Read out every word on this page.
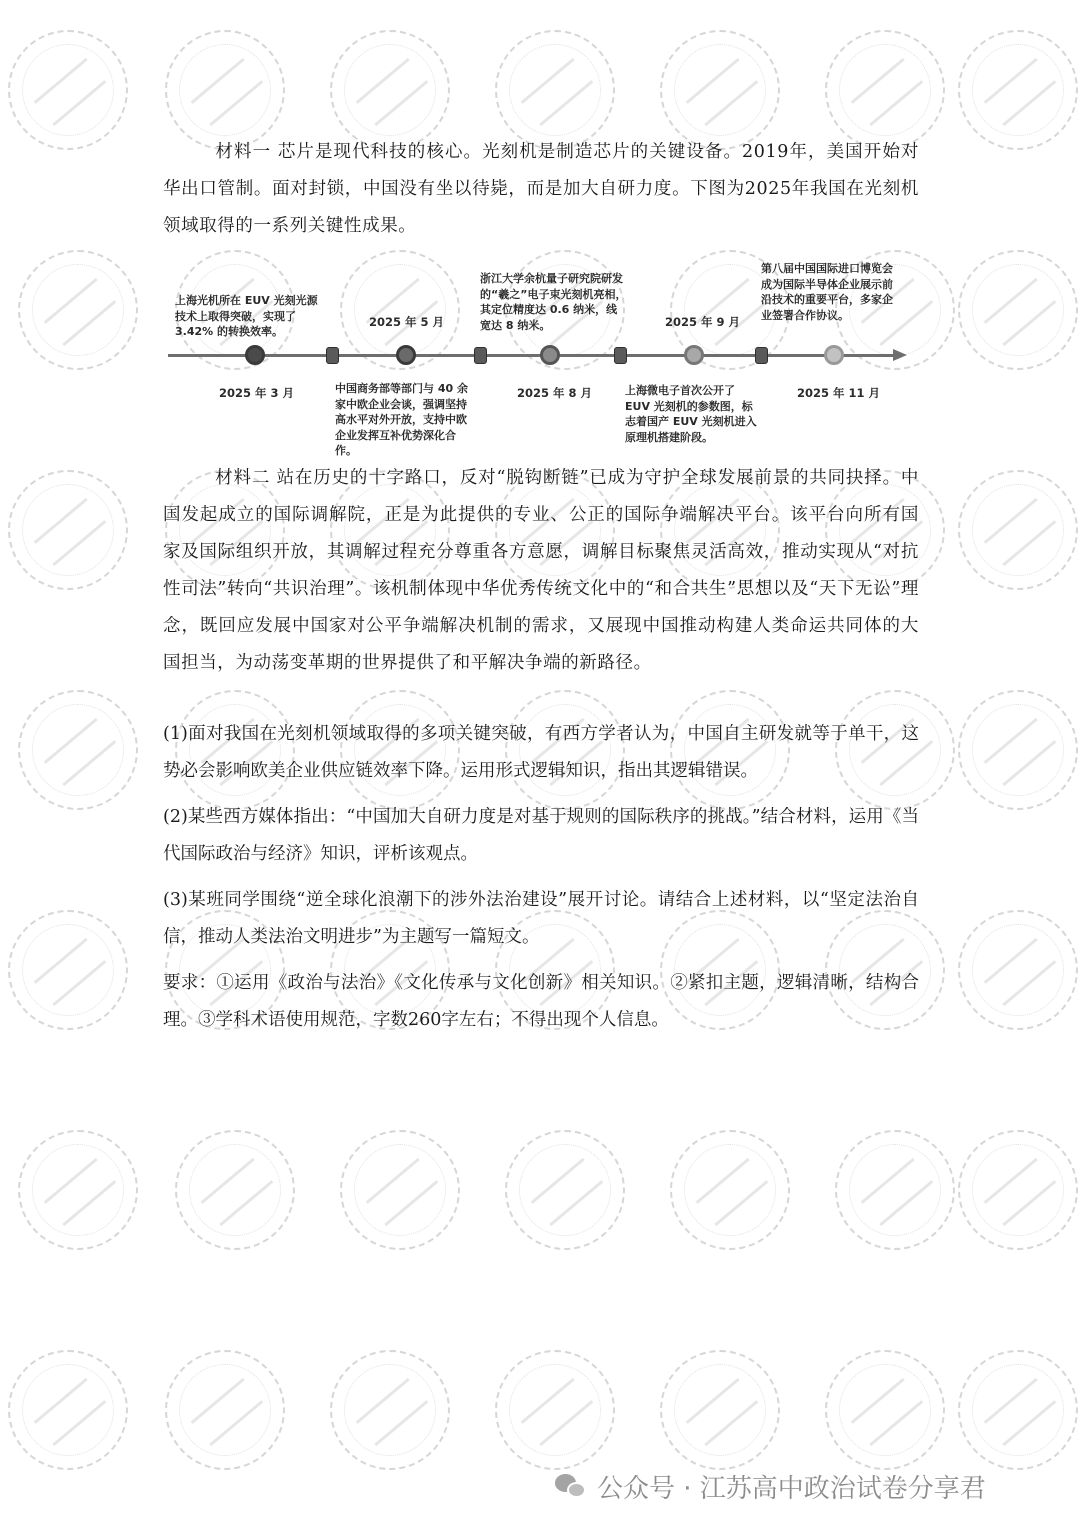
材料一 芯片是现代科技的核心。光刻机是制造芯片的关键设备。2019年，美国开始对华出口管制。面对封锁，中国没有坐以待毙，而是加大自研力度。下图为2025年我国在光刻机领域取得的一系列关键性成果。
上海光机所在 EUV 光刻光源技术上取得突破，实现了 3.42% 的转换效率。
2025 年 3 月
2025 年 5 月
中国商务部等部门与 40 余家中欧企业会谈，强调坚持高水平对外开放，支持中欧企业发挥互补优势深化合作。
浙江大学余杭量子研究院研发的“羲之”电子束光刻机亮相，其定位精度达 0.6 纳米，线宽达 8 纳米。
2025 年 8 月
2025 年 9 月
上海微电子首次公开了 EUV 光刻机的参数图，标志着国产 EUV 光刻机进入原理机搭建阶段。
第八届中国国际进口博览会成为国际半导体企业展示前沿技术的重要平台，多家企业签署合作协议。
2025 年 11 月
材料二 站在历史的十字路口，反对“脱钩断链”已成为守护全球发展前景的共同抉择。中国发起成立的国际调解院，正是为此提供的专业、公正的国际争端解决平台。该平台向所有国家及国际组织开放，其调解过程充分尊重各方意愿，调解目标聚焦灵活高效，推动实现从“对抗性司法”转向“共识治理”。该机制体现中华优秀传统文化中的“和合共生”思想以及“天下无讼”理念，既回应发展中国家对公平争端解决机制的需求，又展现中国推动构建人类命运共同体的大国担当，为动荡变革期的世界提供了和平解决争端的新路径。
(1)面对我国在光刻机领域取得的多项关键突破，有西方学者认为，中国自主研发就等于单干，这势必会影响欧美企业供应链效率下降。运用形式逻辑知识，指出其逻辑错误。
(2)某些西方媒体指出：“中国加大自研力度是对基于规则的国际秩序的挑战。”结合材料，运用《当代国际政治与经济》知识，评析该观点。
(3)某班同学围绕“逆全球化浪潮下的涉外法治建设”展开讨论。请结合上述材料，以“坚定法治自信，推动人类法治文明进步”为主题写一篇短文。
要求：①运用《政治与法治》《文化传承与文化创新》相关知识。②紧扣主题，逻辑清晰，结构合理。③学科术语使用规范，字数260字左右；不得出现个人信息。
公众号 · 江苏高中政治试卷分享君
